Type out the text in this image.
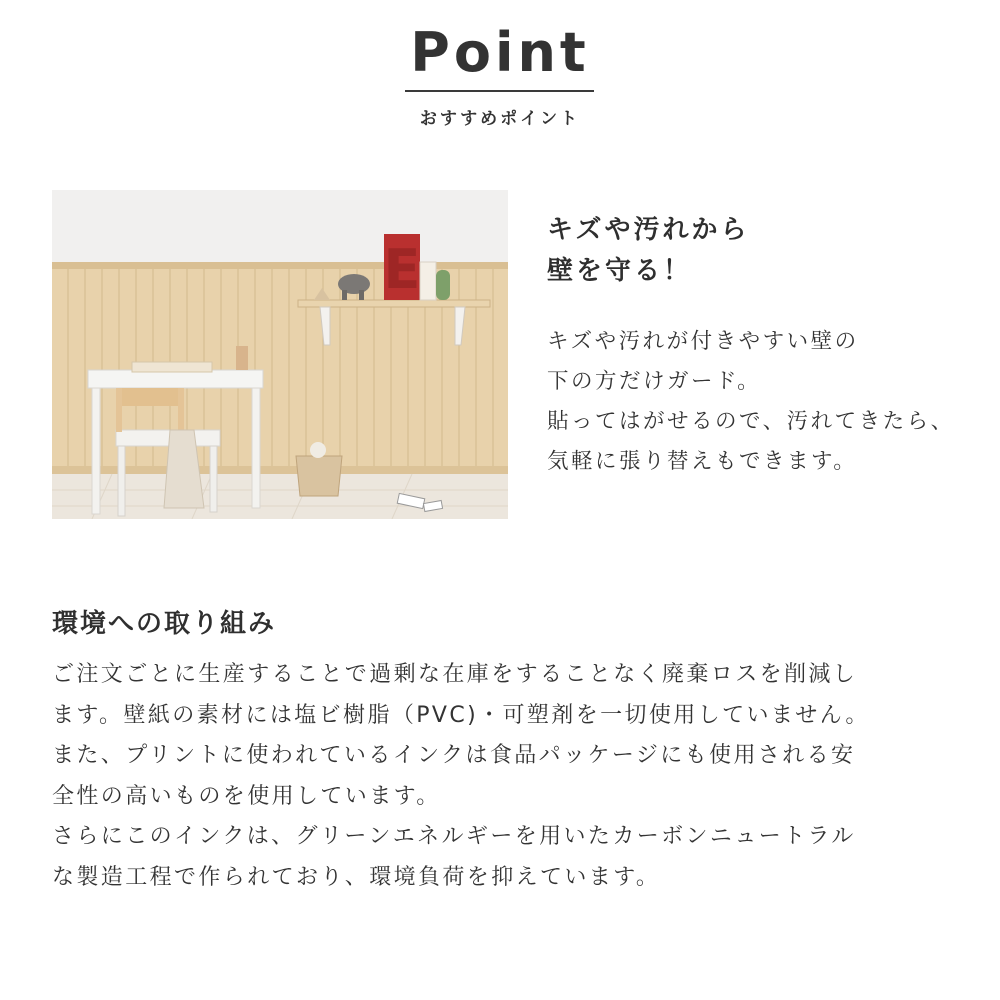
Point
おすすめポイント
E
キズや汚れから
壁を守る！
キズや汚れが付きやすい壁の
下の方だけガード。
貼ってはがせるので、汚れてきたら、
気軽に張り替えもできます。
環境への取り組み
ご注文ごとに生産することで過剰な在庫をすることなく廃棄ロスを削減し
ます。壁紙の素材には塩ビ樹脂（PVC)・可塑剤を一切使用していません。
また、プリントに使われているインクは食品パッケージにも使用される安
全性の高いものを使用しています。
さらにこのインクは、グリーンエネルギーを用いたカーボンニュートラル
な製造工程で作られており、環境負荷を抑えています。
